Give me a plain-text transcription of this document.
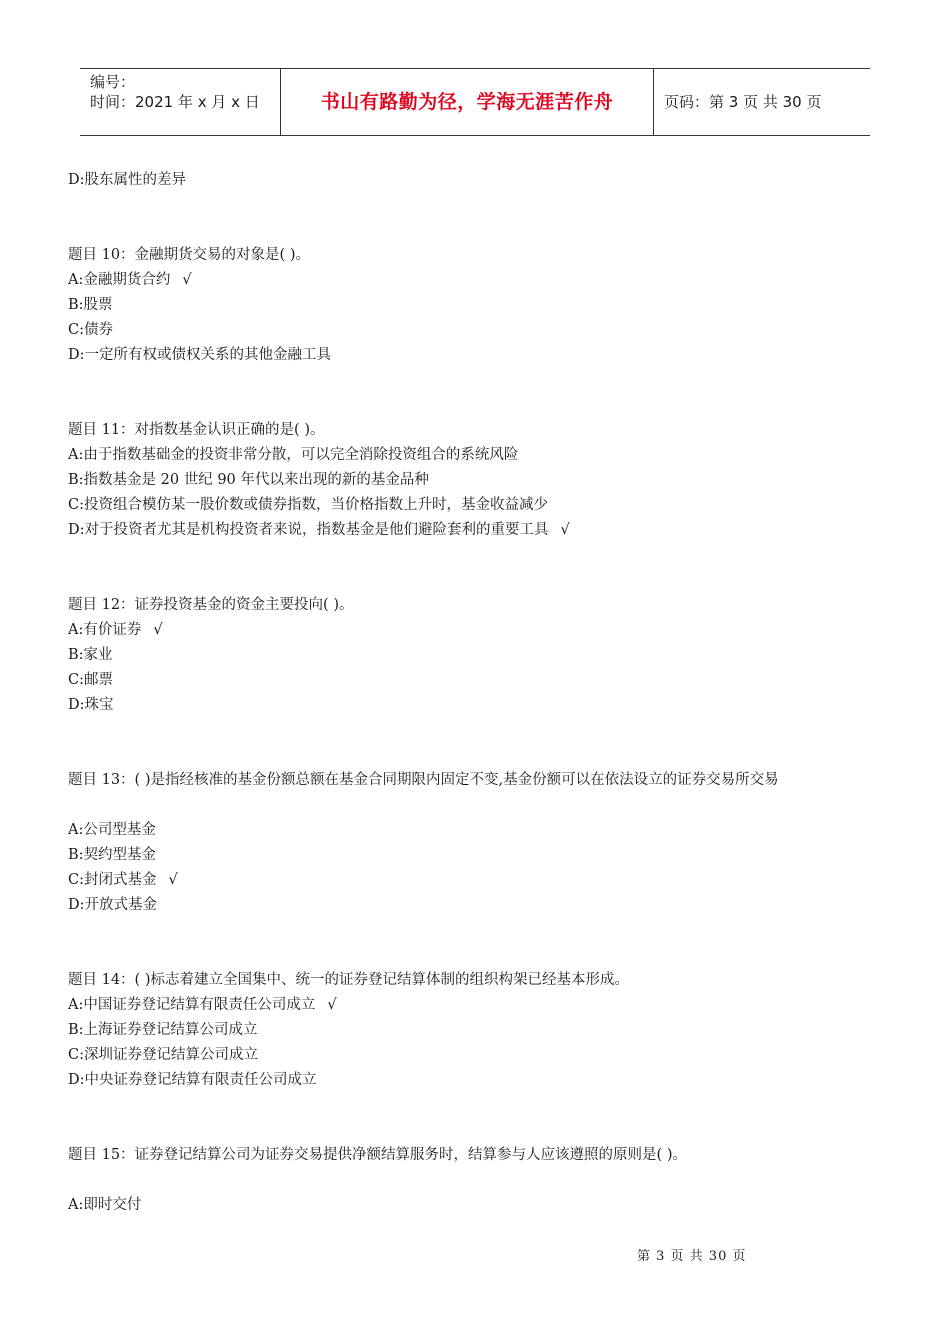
编号：
时间：2021 年 x 月 x 日	书山有路勤为径，学海无涯苦作舟	页码：第 3 页 共 30 页
D:股东属性的差异
题目 10：金融期货交易的对象是( )。
A:金融期货合约 √
B:股票
C:债券
D:一定所有权或债权关系的其他金融工具
题目 11：对指数基金认识正确的是( )。
A:由于指数基础金的投资非常分散，可以完全消除投资组合的系统风险
B:指数基金是 20 世纪 90 年代以来出现的新的基金品种
C:投资组合模仿某一股价数或债券指数，当价格指数上升时，基金收益减少
D:对于投资者尤其是机构投资者来说，指数基金是他们避险套利的重要工具 √
题目 12：证券投资基金的资金主要投向( )。
A:有价证券 √
B:家业
C:邮票
D:珠宝
题目 13：( )是指经核准的基金份额总额在基金合同期限内固定不变,基金份额可以在依法设立的证券交易所交易
A:公司型基金
B:契约型基金
C:封闭式基金 √
D:开放式基金
题目 14：( )标志着建立全国集中、统一的证券登记结算体制的组织构架已经基本形成。
A:中国证券登记结算有限责任公司成立 √
B:上海证券登记结算公司成立
C:深圳证券登记结算公司成立
D:中央证券登记结算有限责任公司成立
题目 15：证券登记结算公司为证券交易提供净额结算服务时，结算参与人应该遵照的原则是( )。
A:即时交付
第 3 页 共 30 页
